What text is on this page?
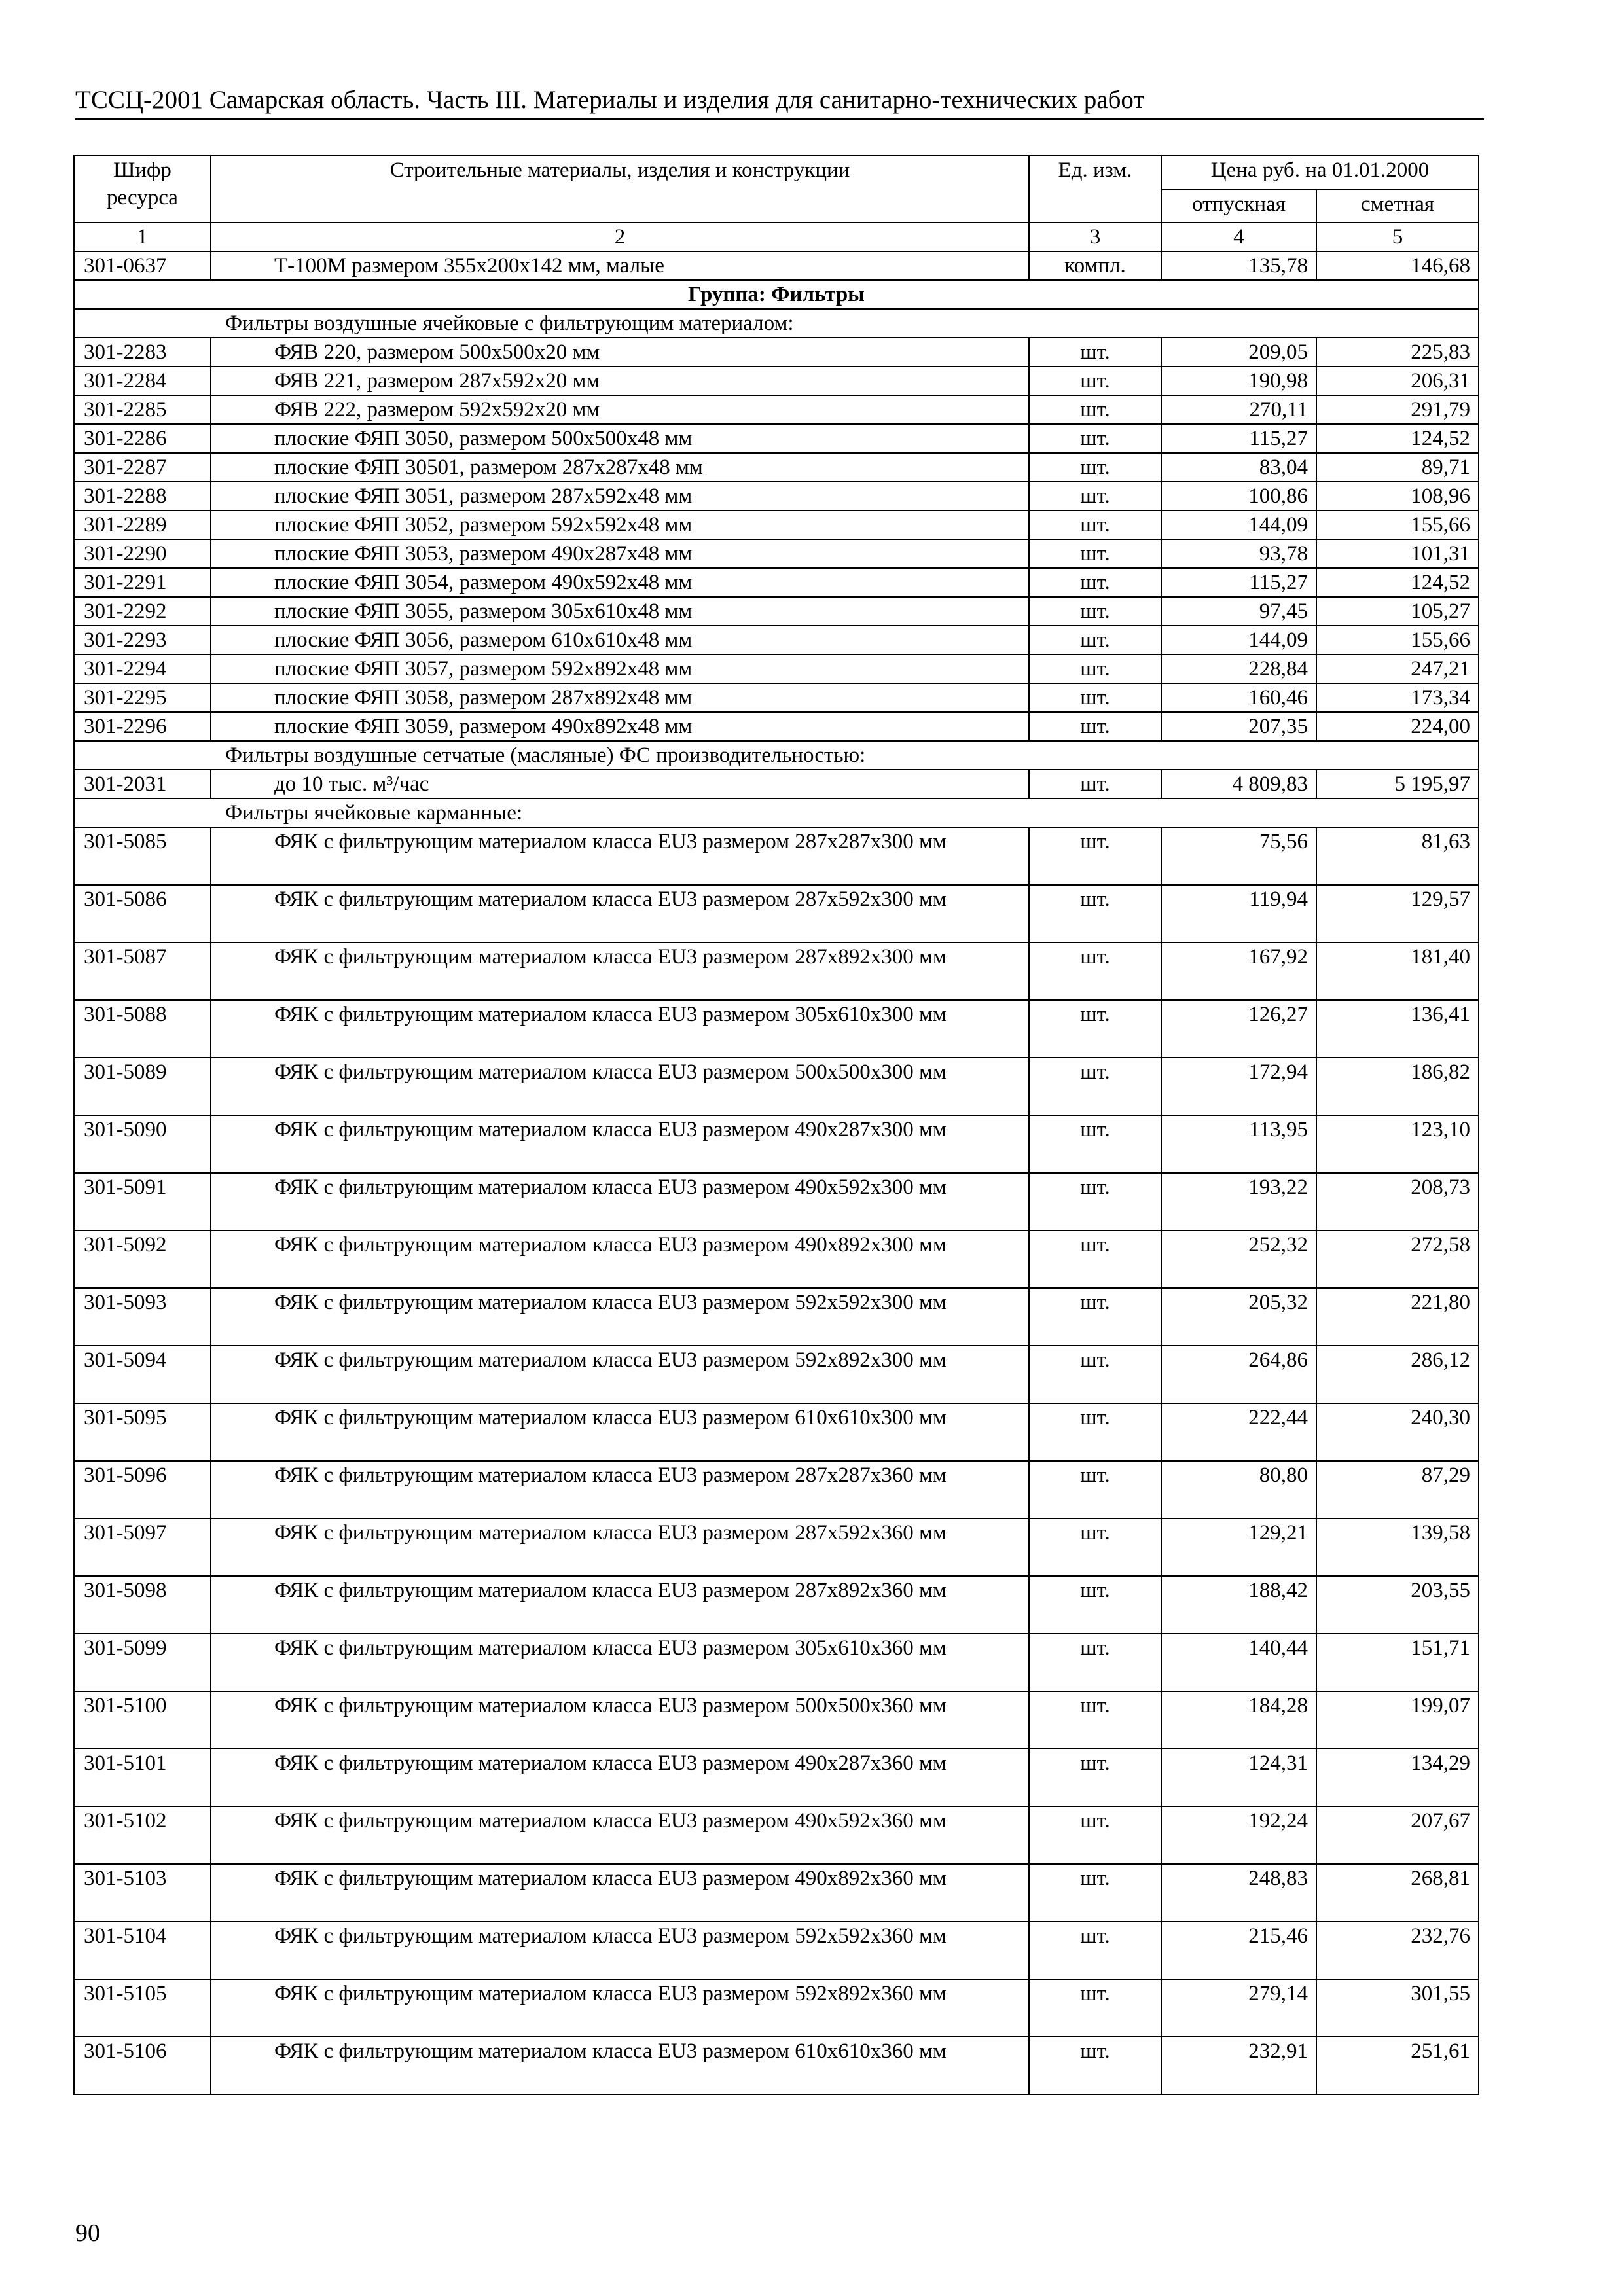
ТССЦ-2001 Самарская область. Часть III. Материалы и изделия для санитарно-технических работ
Шифр ресурса	Строительные материалы, изделия и конструкции	Ед. изм.	Цена руб. на 01.01.2000	
			отпускная	сметная
1	2	3	4	5
301-0637	Т-100М размером 355х200х142 мм, малые	компл.	135,78	146,68
Группа: Фильтры				
Фильтры воздушные ячейковые с фильтрующим материалом:				
301-2283	ФЯВ 220, размером 500х500х20 мм	шт.	209,05	225,83
301-2284	ФЯВ 221, размером 287х592х20 мм	шт.	190,98	206,31
301-2285	ФЯВ 222, размером 592х592х20 мм	шт.	270,11	291,79
301-2286	плоские ФЯП 3050, размером 500х500х48 мм	шт.	115,27	124,52
301-2287	плоские ФЯП 30501, размером 287х287х48 мм	шт.	83,04	89,71
301-2288	плоские ФЯП 3051, размером 287х592х48 мм	шт.	100,86	108,96
301-2289	плоские ФЯП 3052, размером 592х592х48 мм	шт.	144,09	155,66
301-2290	плоские ФЯП 3053, размером 490х287х48 мм	шт.	93,78	101,31
301-2291	плоские ФЯП 3054, размером 490х592х48 мм	шт.	115,27	124,52
301-2292	плоские ФЯП 3055, размером 305х610х48 мм	шт.	97,45	105,27
301-2293	плоские ФЯП 3056, размером 610х610х48 мм	шт.	144,09	155,66
301-2294	плоские ФЯП 3057, размером 592х892х48 мм	шт.	228,84	247,21
301-2295	плоские ФЯП 3058, размером 287х892х48 мм	шт.	160,46	173,34
301-2296	плоские ФЯП 3059, размером 490х892х48 мм	шт.	207,35	224,00
Фильтры воздушные сетчатые (масляные) ФС производительностью:				
301-2031	до 10 тыс. м³/час	шт.	4 809,83	5 195,97
Фильтры ячейковые карманные:				
301-5085	ФЯК с фильтрующим материалом класса EU3 размером 287х287х300 мм	шт.	75,56	81,63
301-5086	ФЯК с фильтрующим материалом класса EU3 размером 287х592х300 мм	шт.	119,94	129,57
301-5087	ФЯК с фильтрующим материалом класса EU3 размером 287х892х300 мм	шт.	167,92	181,40
301-5088	ФЯК с фильтрующим материалом класса EU3 размером 305х610х300 мм	шт.	126,27	136,41
301-5089	ФЯК с фильтрующим материалом класса EU3 размером 500х500х300 мм	шт.	172,94	186,82
301-5090	ФЯК с фильтрующим материалом класса EU3 размером 490х287х300 мм	шт.	113,95	123,10
301-5091	ФЯК с фильтрующим материалом класса EU3 размером 490х592х300 мм	шт.	193,22	208,73
301-5092	ФЯК с фильтрующим материалом класса EU3 размером 490х892х300 мм	шт.	252,32	272,58
301-5093	ФЯК с фильтрующим материалом класса EU3 размером 592х592х300 мм	шт.	205,32	221,80
301-5094	ФЯК с фильтрующим материалом класса EU3 размером 592х892х300 мм	шт.	264,86	286,12
301-5095	ФЯК с фильтрующим материалом класса EU3 размером 610х610х300 мм	шт.	222,44	240,30
301-5096	ФЯК с фильтрующим материалом класса EU3 размером 287х287х360 мм	шт.	80,80	87,29
301-5097	ФЯК с фильтрующим материалом класса EU3 размером 287х592х360 мм	шт.	129,21	139,58
301-5098	ФЯК с фильтрующим материалом класса EU3 размером 287х892х360 мм	шт.	188,42	203,55
301-5099	ФЯК с фильтрующим материалом класса EU3 размером 305х610х360 мм	шт.	140,44	151,71
301-5100	ФЯК с фильтрующим материалом класса EU3 размером 500х500х360 мм	шт.	184,28	199,07
301-5101	ФЯК с фильтрующим материалом класса EU3 размером 490х287х360 мм	шт.	124,31	134,29
301-5102	ФЯК с фильтрующим материалом класса EU3 размером 490х592х360 мм	шт.	192,24	207,67
301-5103	ФЯК с фильтрующим материалом класса EU3 размером 490х892х360 мм	шт.	248,83	268,81
301-5104	ФЯК с фильтрующим материалом класса EU3 размером 592х592х360 мм	шт.	215,46	232,76
301-5105	ФЯК с фильтрующим материалом класса EU3 размером 592х892х360 мм	шт.	279,14	301,55
301-5106	ФЯК с фильтрующим материалом класса EU3 размером 610х610х360 мм	шт.	232,91	251,61
90
